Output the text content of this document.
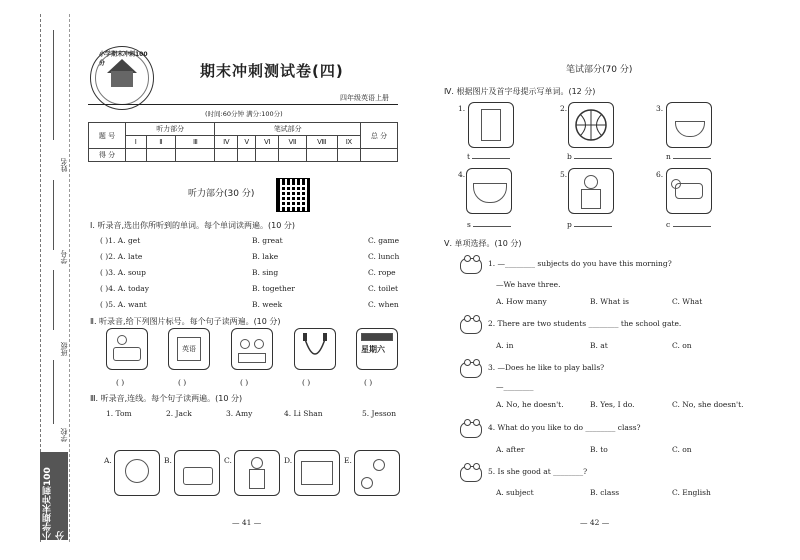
姓名
学号
班级
学校
小学期末冲刺100分
小学期末冲刺100分	期末冲刺测试卷(四)
四年级英语上册
(时间:60分钟 满分:100分)
题 号	听力部分			笔试部分						总 分
	Ⅰ	Ⅱ	Ⅲ	Ⅳ	Ⅴ	Ⅵ	Ⅶ	Ⅷ	Ⅸ	
得 分										
听力部分(30 分)
Ⅰ. 听录音,选出你所听到的单词。每个单词读两遍。(10 分)
( )1. A. get	B. great	C. game
( )2. A. late	B. lake	C. lunch
( )3. A. soup	B. sing	C. rope
( )4. A. today	B. together	C. toilet
( )5. A. want	B. week	C. when
Ⅱ. 听录音,给下列图片标号。每个句子读两遍。(10 分)
英语	星期六
( )	( )	( )	( )	( )
Ⅲ. 听录音,连线。每个句子读两遍。(10 分)
1. Tom	2. Jack	3. Amy	4. Li Shan	5. Jesson
A.	B.	C.	D.	E.
— 41 —
笔试部分(70 分)
Ⅳ. 根据图片及首字母提示写单词。(12 分)
1.
t
2.
b
3.
n
4.
s
5.
p
6.
c
Ⅴ. 单项选择。(10 分)
1. —________ subjects do you have this morning?
—We have three.
A. How many	B. What is	C. What
2. There are two students ________ the school gate.
A. in	B. at	C. on
3. —Does he like to play balls?
—________
A. No, he doesn't.	B. Yes, I do.	C. No, she doesn't.
4. What do you like to do ________ class?
A. after	B. to	C. on
5. Is she good at ________?
A. subject	B. class	C. English
— 42 —
